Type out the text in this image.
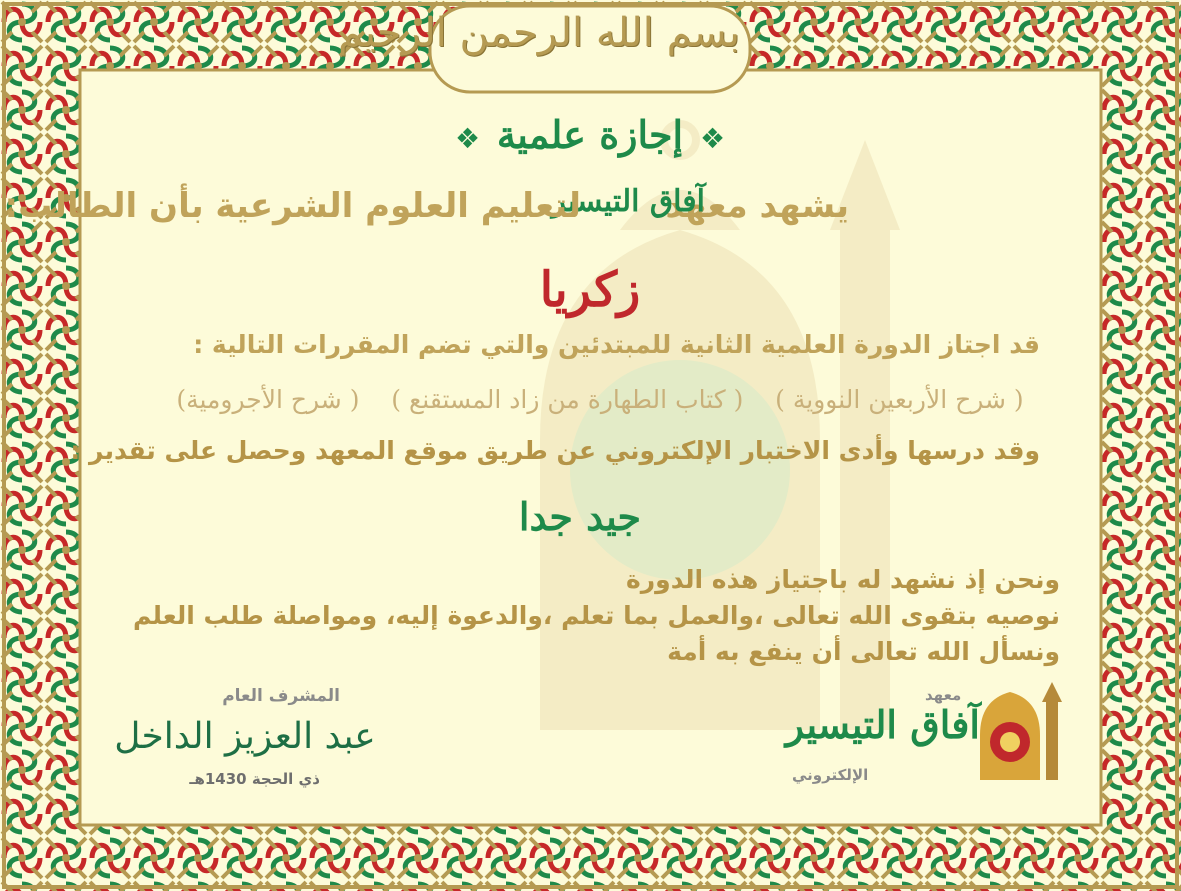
بسم الله الرحمن الرحيم
❖ إجازة علمية ❖
يشهد معهد
آفاق التيسير
لتعليم العلوم الشرعية بأن الطالب:
زكريا
قد اجتاز الدورة العلمية الثانية للمبتدئين والتي تضم المقررات التالية :
( شرح الأربعين النووية )    ( كتاب الطهارة من زاد المستقنع )    ( شرح الأجرومية)
وقد درسها وأدى الاختبار الإلكتروني عن طريق موقع المعهد وحصل على تقدير :
جيد جدا
ونحن إذ نشهد له باجتياز هذه الدورة
نوصيه بتقوى الله تعالى ،والعمل بما تعلم ،والدعوة إليه، ومواصلة طلب العلم
ونسأل الله تعالى أن ينفع به أمة
المشرف العام
عبد العزيز الداخل
ذي الحجة 1430هـ
معهد
آفاق التيسير
الإلكتروني
